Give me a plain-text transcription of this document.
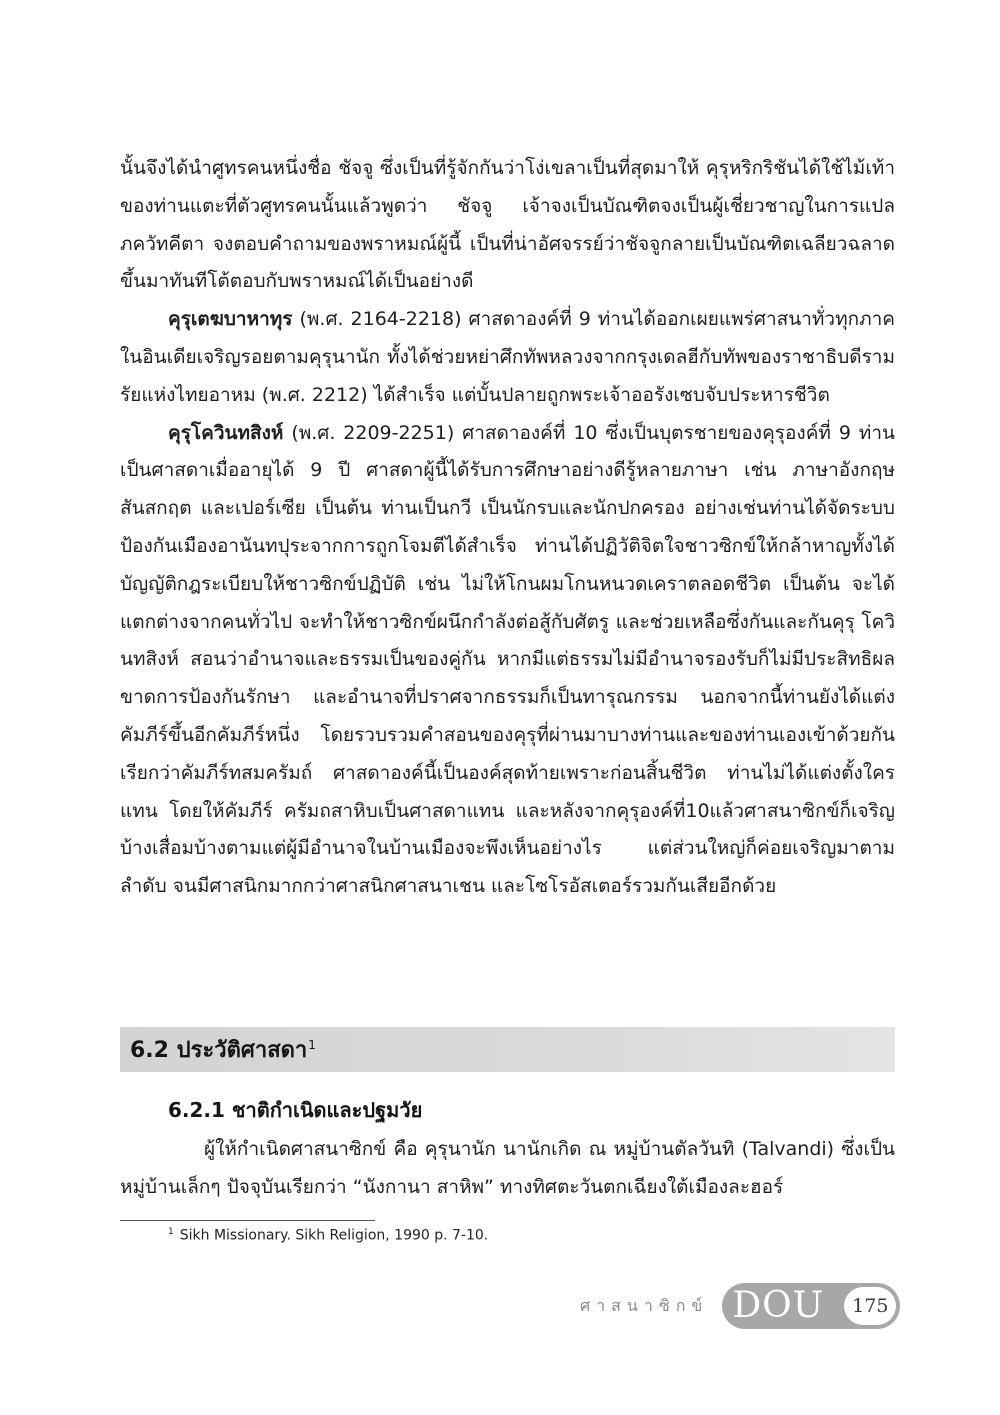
นั้นจึงได้นำศูทรคนหนึ่งชื่อ ชัจจู ซึ่งเป็นที่รู้จักกันว่าโง่เขลาเป็นที่สุดมาให้ คุรุหริกริชันได้ใช้ไม้เท้าของท่านแตะที่ตัวศูทรคนนั้นแล้วพูดว่า ชัจจู เจ้าจงเป็นบัณฑิตจงเป็นผู้เชี่ยวชาญในการแปลภควัทคีตา จงตอบคำถามของพราหมณ์ผู้นี้ เป็นที่น่าอัศจรรย์ว่าชัจจูกลายเป็นบัณฑิตเฉลียวฉลาดขึ้นมาทันทีโต้ตอบกับพราหมณ์ได้เป็นอย่างดี

คุรุเตฆบาหาทุร (พ.ศ. 2164-2218) ศาสดาองค์ที่ 9 ท่านได้ออกเผยแพร่ศาสนาทั่วทุกภาคในอินเดียเจริญรอยตามคุรุนานัก ทั้งได้ช่วยหย่าศึกทัพหลวงจากกรุงเดลฮีกับทัพของราชาธิบดีรามรัยแห่งไทยอาหม (พ.ศ. 2212) ได้สำเร็จ แต่บั้นปลายถูกพระเจ้าออรังเซบจับประหารชีวิต

คุรุโควินทสิงห์ (พ.ศ. 2209-2251) ศาสดาองค์ที่ 10 ซึ่งเป็นบุตรชายของคุรุองค์ที่ 9 ท่านเป็นศาสดาเมื่ออายุได้ 9 ปี ศาสดาผู้นี้ได้รับการศึกษาอย่างดีรู้หลายภาษา เช่น ภาษาอังกฤษ สันสกฤต และเปอร์เซีย เป็นต้น ท่านเป็นกวี เป็นนักรบและนักปกครอง อย่างเช่นท่านได้จัดระบบป้องกันเมืองอานันทปุระจากการถูกโจมตีได้สำเร็จ ท่านได้ปฏิวัติจิตใจชาวซิกข์ให้กล้าหาญทั้งได้บัญญัติกฎระเบียบให้ชาวซิกข์ปฏิบัติ เช่น ไม่ให้โกนผมโกนหนวดเคราตลอดชีวิต เป็นต้น จะได้ แตกต่างจากคนทั่วไป จะทำให้ชาวซิกข์ผนึกกำลังต่อสู้กับศัตรู และช่วยเหลือซึ่งกันและกันคุรุ โควินทสิงห์ สอนว่าอำนาจและธรรมเป็นของคู่กัน หากมีแต่ธรรมไม่มีอำนาจรองรับก็ไม่มีประสิทธิผล ขาดการป้องกันรักษา และอำนาจที่ปราศจากธรรมก็เป็นทารุณกรรม นอกจากนี้ท่านยังได้แต่งคัมภีร์ขึ้นอีกคัมภีร์หนึ่ง โดยรวบรวมคำสอนของคุรุที่ผ่านมาบางท่านและของท่านเองเข้าด้วยกัน เรียกว่าคัมภีร์ทสมครัมถ์ ศาสดาองค์นี้เป็นองค์สุดท้ายเพราะก่อนสิ้นชีวิต ท่านไม่ได้แต่งตั้งใครแทน โดยให้คัมภีร์ ครัมถสาหิบเป็นศาสดาแทน และหลังจากคุรุองค์ที่10แล้วศาสนาซิกข์ก็เจริญบ้างเสื่อมบ้างตามแต่ผู้มีอำนาจในบ้านเมืองจะพึงเห็นอย่างไร แต่ส่วนใหญ่ก็ค่อยเจริญมาตามลำดับ จนมีศาสนิกมากกว่าศาสนิกศาสนาเชน และโซโรอัสเตอร์รวมกันเสียอีกด้วย

6.2 ประวัติศาสดา$^1$
6.2.1 ชาติกำเนิดและปฐมวัย

ผู้ให้กำเนิดศาสนาซิกข์ คือ คุรุนานัก นานักเกิด ณ หมู่บ้านตัลวันทิ (Talvandi) ซึ่งเป็นหมู่บ้านเล็กๆ ปัจจุบันเรียกว่า “นังกานา สาหิพ” ทางทิศตะวันตกเฉียงใต้เมืองละฮอร์

$^1$ Sikh Missionary. Sikh Religion, 1990 p. 7-10.
ศาสนาซิกข์ DOU	175
